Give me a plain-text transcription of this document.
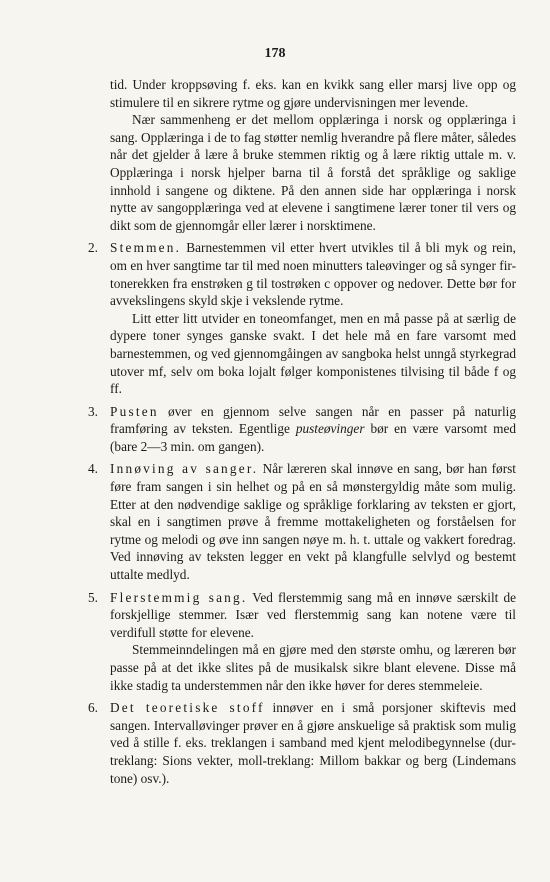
178

tid. Under kroppsøving f. eks. kan en kvikk sang eller marsj live opp og stimulere til en sikrere rytme og gjøre undervisningen mer levende.

Nær sammenheng er det mellom opplæringa i norsk og opplæringa i sang. Opplæringa i de to fag støtter nemlig hverandre på flere måter, således når det gjelder å lære å bruke stemmen riktig og å lære riktig uttale m. v. Opplæringa i norsk hjelper barna til å forstå det språklige og saklige innhold i sangene og diktene. På den annen side har opplæringa i norsk nytte av sangopplæringa ved at elevene i sangtimene lærer toner til vers og dikt som de gjennomgår eller lærer i norsktimene.

2. Stemmen. Barnestemmen vil etter hvert utvikles til å bli myk og rein, om en hver sangtime tar til med noen minutters taleøvinger og så synger fir-tonerekken fra enstrøken g til tostrøken c oppover og nedover. Dette bør for avvekslingens skyld skje i vekslende rytme.

Litt etter litt utvider en toneomfanget, men en må passe på at særlig de dypere toner synges ganske svakt. I det hele må en fare varsomt med barnestemmen, og ved gjennomgåingen av sangboka helst unngå styrkegrad utover mf, selv om boka lojalt følger komponistenes tilvising til både f og ff.

3. Pusten øver en gjennom selve sangen når en passer på naturlig framføring av teksten. Egentlige pusteøvinger bør en være varsomt med (bare 2—3 min. om gangen).

4. Innøving av sanger. Når læreren skal innøve en sang, bør han først føre fram sangen i sin helhet og på en så mønstergyldig måte som mulig. Etter at den nødvendige saklige og språklige forklaring av teksten er gjort, skal en i sangtimen prøve å fremme mottakeligheten og forståelsen for rytme og melodi og øve inn sangen nøye m. h. t. uttale og vakkert foredrag. Ved innøving av teksten legger en vekt på klangfulle selvlyd og bestemt uttalte medlyd.

5. Flerstemmig sang. Ved flerstemmig sang må en innøve særskilt de forskjellige stemmer. Især ved flerstemmig sang kan notene være til verdifull støtte for elevene.

Stemmeinndelingen må en gjøre med den største omhu, og læreren bør passe på at det ikke slites på de musikalsk sikre blant elevene. Disse må ikke stadig ta understemmen når den ikke høver for deres stemmeleie.

6. Det teoretiske stoff innøver en i små porsjoner skiftevis med sangen. Intervalløvinger prøver en å gjøre anskuelige så praktisk som mulig ved å stille f. eks. treklangen i samband med kjent melodibegynnelse (dur-treklang: Sions vekter, moll-treklang: Millom bakkar og berg (Lindemans tone) osv.).
